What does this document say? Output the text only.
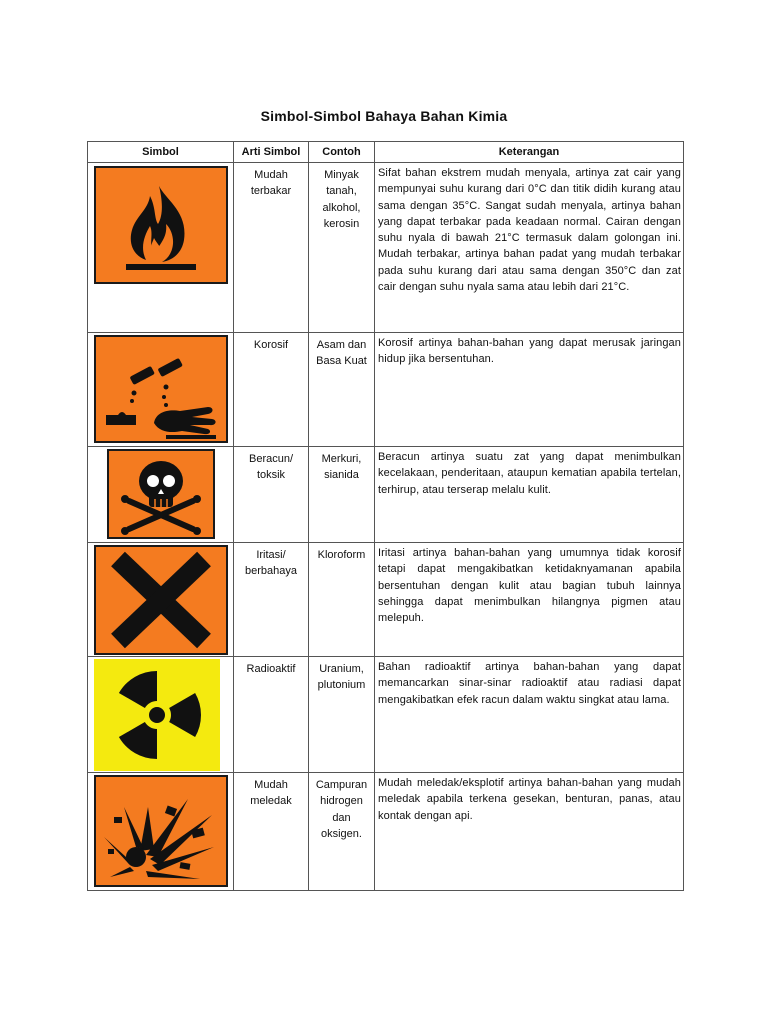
Simbol-Simbol Bahaya Bahan Kimia
Simbol	Arti Simbol	Contoh	Keterangan

	Mudah terbakar	Minyak tanah, alkohol, kerosin	Sifat bahan ekstrem mudah menyala, artinya zat cair yang mempunyai suhu kurang dari 0°C dan titik didih kurang atau sama dengan 35°C. Sangat sudah menyala, artinya bahan yang dapat terbakar pada keadaan normal. Cairan dengan suhu nyala di bawah 21°C termasuk dalam golongan ini. Mudah terbakar, artinya bahan padat yang mudah terbakar pada suhu kurang dari atau sama dengan 350°C dan zat cair dengan suhu nyala sama atau lebih dari 21°C.

	Korosif	Asam dan Basa Kuat	Korosif artinya bahan-bahan yang dapat merusak jaringan hidup jika bersentuhan.

	Beracun/ toksik	Merkuri, sianida	Beracun artinya suatu zat yang dapat menimbulkan kecelakaan, penderitaan, ataupun kematian apabila tertelan, terhirup, atau terserap melalu kulit.

	Iritasi/ berbahaya	Kloroform	Iritasi artinya bahan-bahan yang umumnya tidak korosif tetapi dapat mengakibatkan ketidaknyamanan apabila bersentuhan dengan kulit atau bagian tubuh lainnya sehingga dapat menimbulkan hilangnya pigmen atau melepuh.

	Radioaktif	Uranium, plutonium	Bahan radioaktif artinya bahan-bahan yang dapat memancarkan sinar-sinar radioaktif atau radiasi dapat mengakibatkan efek racun dalam waktu singkat atau lama.

	Mudah meledak	Campuran hidrogen dan oksigen.	Mudah meledak/eksplotif artinya bahan-bahan yang mudah meledak apabila terkena gesekan, benturan, panas, atau kontak dengan api.
